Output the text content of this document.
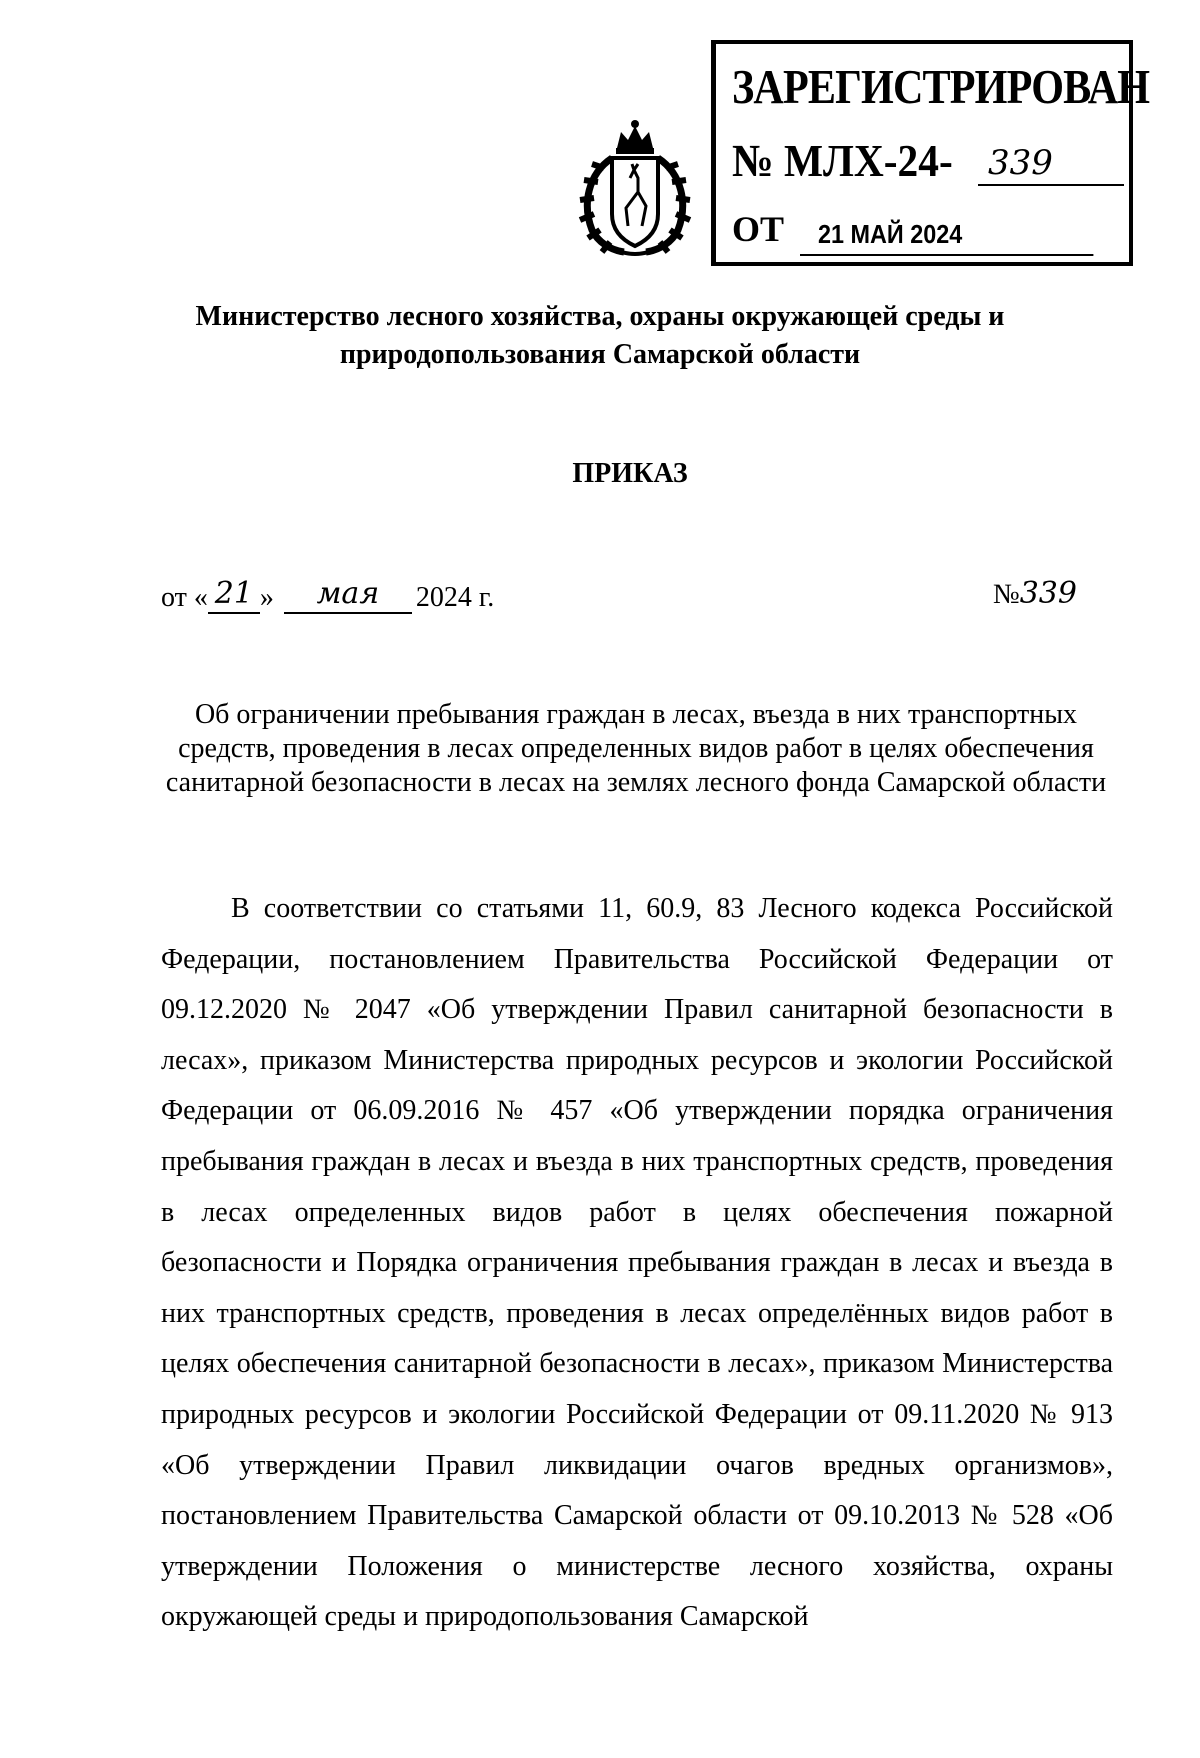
ЗАРЕГИСТРИРОВАН
№ МЛХ-24- 339
ОТ	21 МАЙ 2024
Министерство лесного хозяйства, охраны окружающей среды и природопользования Самарской области
ПРИКАЗ
от « 21 » мая 2024 г.	№339
Об ограничении пребывания граждан в лесах, въезда в них транспортных средств, проведения в лесах определенных видов работ в целях обеспечения санитарной безопасности в лесах на землях лесного фонда Самарской области
В соответствии со статьями 11, 60.9, 83 Лесного кодекса Российской Федерации, постановлением Правительства Российской Федерации от 09.12.2020 № 2047 «Об утверждении Правил санитарной безопасности в лесах», приказом Министерства природных ресурсов и экологии Российской Федерации от 06.09.2016 № 457 «Об утверждении порядка ограничения пребывания граждан в лесах и въезда в них транспортных средств, проведения в лесах определенных видов работ в целях обеспечения пожарной безопасности и Порядка ограничения пребывания граждан в лесах и въезда в них транспортных средств, проведения в лесах определённых видов работ в целях обеспечения санитарной безопасности в лесах», приказом Министерства природных ресурсов и экологии Российской Федерации от 09.11.2020 № 913 «Об утверждении Правил ликвидации очагов вредных организмов», постановлением Правительства Самарской области от 09.10.2013 № 528 «Об утверждении Положения о министерстве лесного хозяйства, охраны окружающей среды и природопользования Самарской
